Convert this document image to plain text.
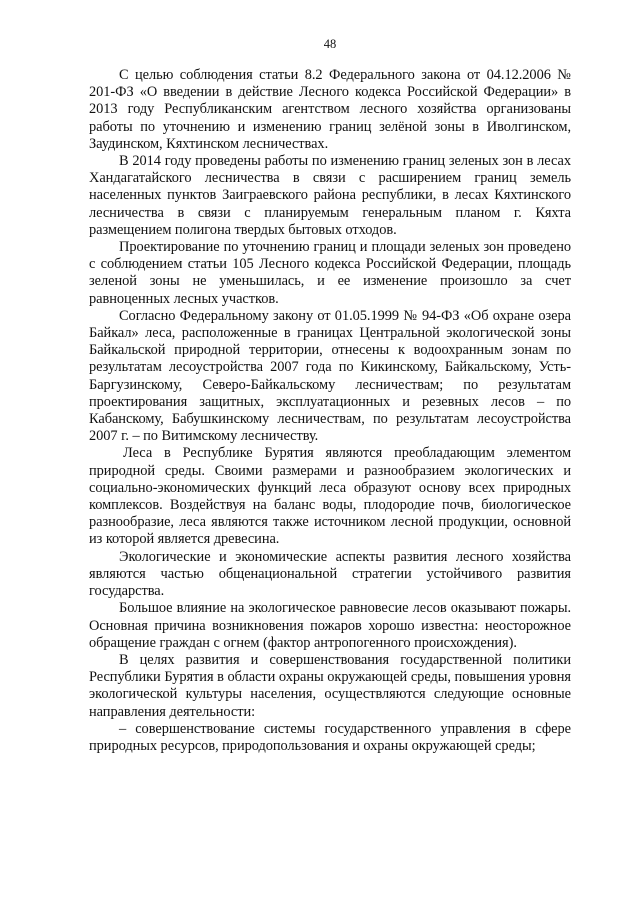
48

С целью соблюдения статьи 8.2 Федерального закона от 04.12.2006 № 201-ФЗ «О введении в действие Лесного кодекса Российской Федерации» в 2013 году Республиканским агентством лесного хозяйства организованы работы по уточнению и изменению границ зелёной зоны в Иволгинском, Заудинском, Кяхтинском лесничествах.

В 2014 году проведены работы по изменению границ зеленых зон в лесах Хандагатайского лесничества в связи с расширением границ земель населенных пунктов Заиграевского района республики, в лесах Кяхтинского лесничества в связи с планируемым генеральным планом г. Кяхта размещением полигона твердых бытовых отходов.

Проектирование по уточнению границ и площади зеленых зон проведено с соблюдением статьи 105 Лесного кодекса Российской Федерации, площадь зеленой зоны не уменьшилась, и ее изменение произошло за счет равноценных лесных участков.

Согласно Федеральному закону от 01.05.1999 № 94-ФЗ «Об охране озера Байкал» леса, расположенные в границах Центральной экологической зоны Байкальской природной территории, отнесены к водоохранным зонам по результатам лесоустройства 2007 года по Кикинскому, Байкальскому, Усть-Баргузинскому, Северо-Байкальскому лесничествам; по результатам проектирования защитных, эксплуатационных и резевных лесов – по Кабанскому, Бабушкинскому лесничествам, по результатам лесоустройства 2007 г. – по Витимскому лесничеству.

Леса в Республике Бурятия являются преобладающим элементом природной среды. Своими размерами и разнообразием экологических и социально-экономических функций леса образуют основу всех природных комплексов. Воздействуя на баланс воды, плодородие почв, биологическое разнообразие, леса являются также источником лесной продукции, основной из которой является древесина.

Экологические и экономические аспекты развития лесного хозяйства являются частью общенациональной стратегии устойчивого развития государства.

Большое влияние на экологическое равновесие лесов оказывают пожары. Основная причина возникновения пожаров хорошо известна: неосторожное обращение граждан с огнем (фактор антропогенного происхождения).

В целях развития и совершенствования государственной политики Республики Бурятия в области охраны окружающей среды, повышения уровня экологической культуры населения, осуществляются следующие основные направления деятельности:

– совершенствование системы государственного управления в сфере природных ресурсов, природопользования и охраны окружающей среды;
